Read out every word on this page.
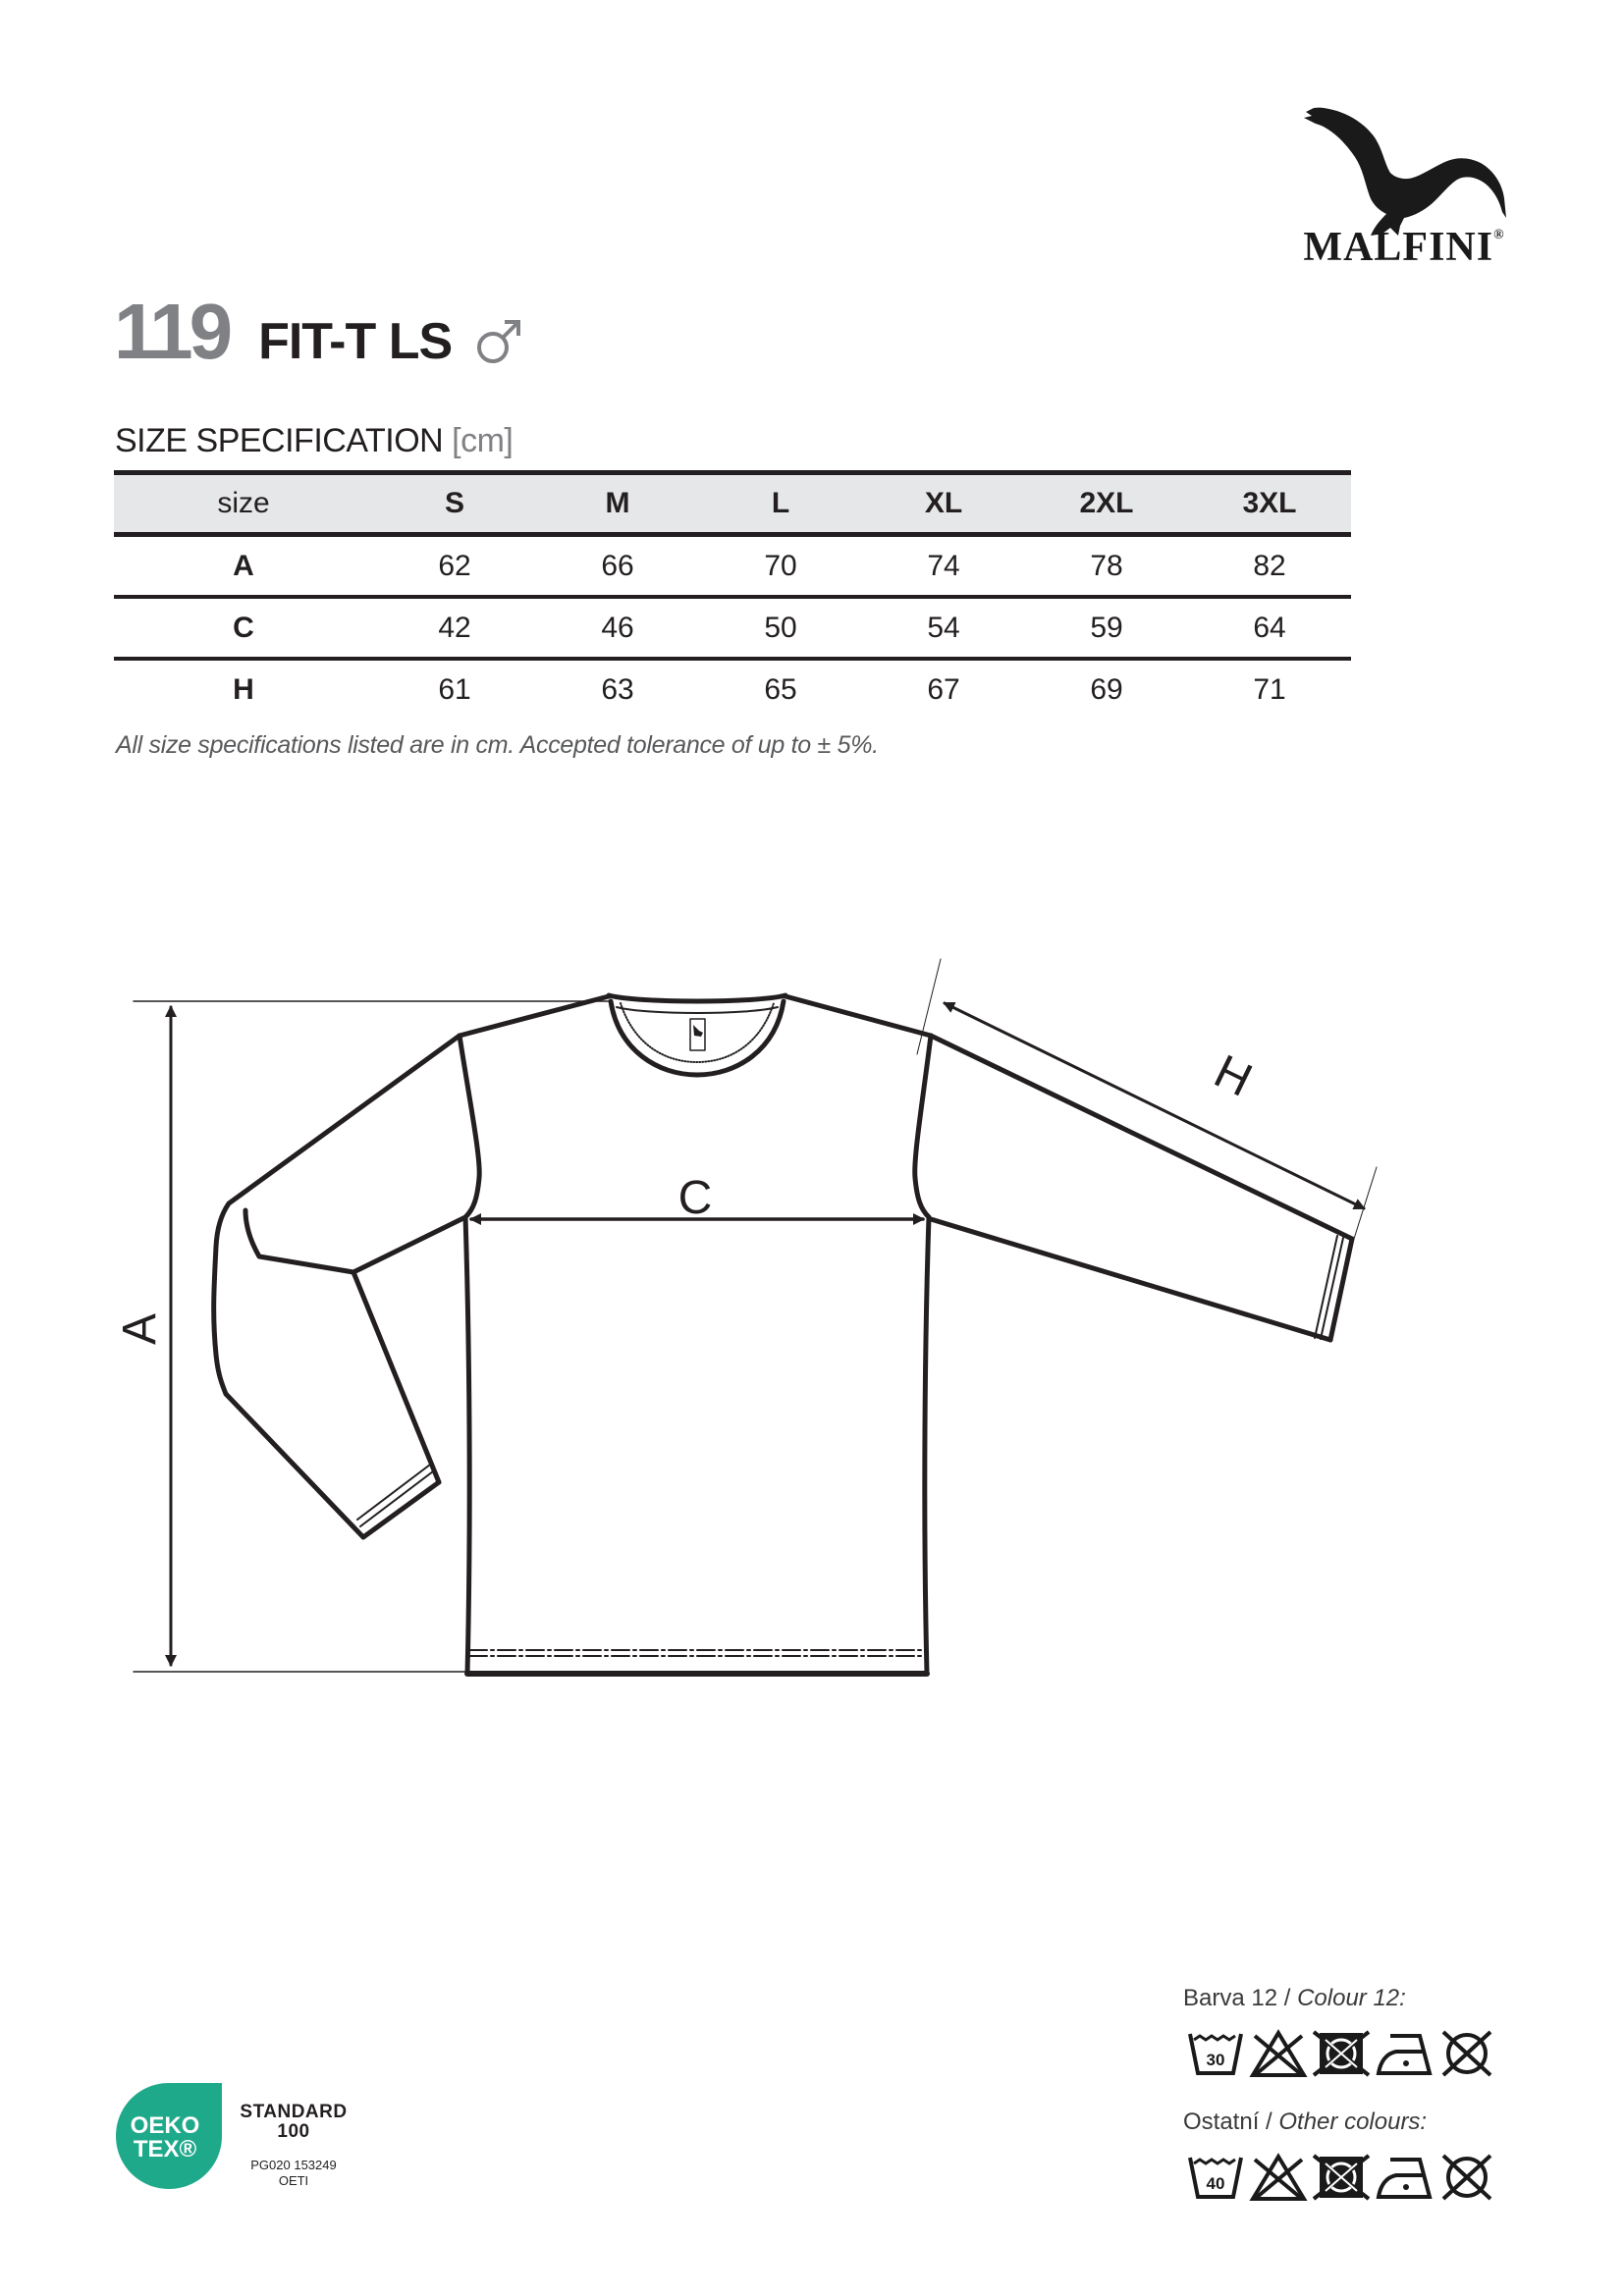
MALFINI®
119 FIT-T LS
SIZE SPECIFICATION [cm]
size	S	M	L	XL	2XL	3XL
A	62	66	70	74	78	82
C	42	46	50	54	59	64
H	61	63	65	67	69	71
All size specifications listed are in cm. Accepted tolerance of up to ± 5%.
A
C
H
Barva 12 / Colour 12:
30
Ostatní / Other colours:
40
OEKO
TEX®
STANDARD
100
PG020 153249
OETI
